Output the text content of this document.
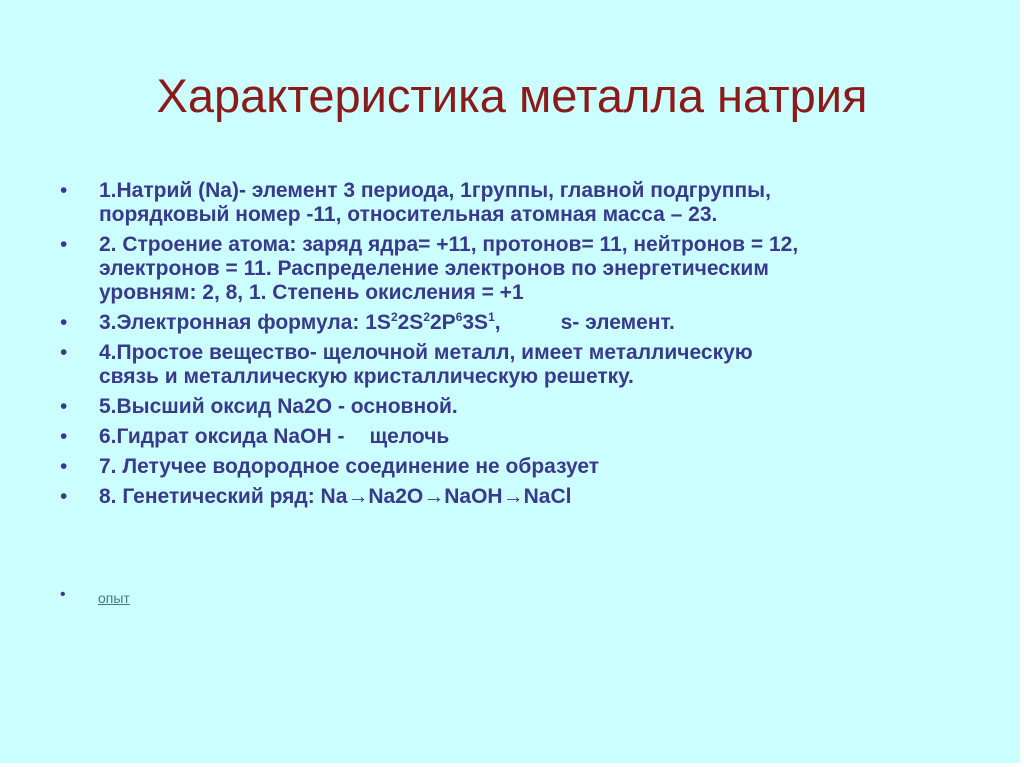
Характеристика металла натрия
• 1.Натрий (Na)- элемент 3 периода, 1группы, главной подгруппы,
порядковый номер -11, относительная атомная масса – 23.
• 2. Строение атома: заряд ядра= +11, протонов= 11, нейтронов = 12,
электронов = 11. Распределение электронов по энергетическим
уровням: 2, 8, 1. Степень окисления = +1
• 3.Электронная формула: $1S^22S^22P^63S^1$,	s- элемент.
• 4.Простое вещество- щелочной металл, имеет металлическую
связь и металлическую кристаллическую решетку.
• 5.Высший оксид Na2O - основной.
• 6.Гидрат оксида NaOH - щелочь
• 7. Летучее водородное соединение не образует
• 8. Генетический ряд: Na→Na2O→NaOH→NaCl
• опыт
